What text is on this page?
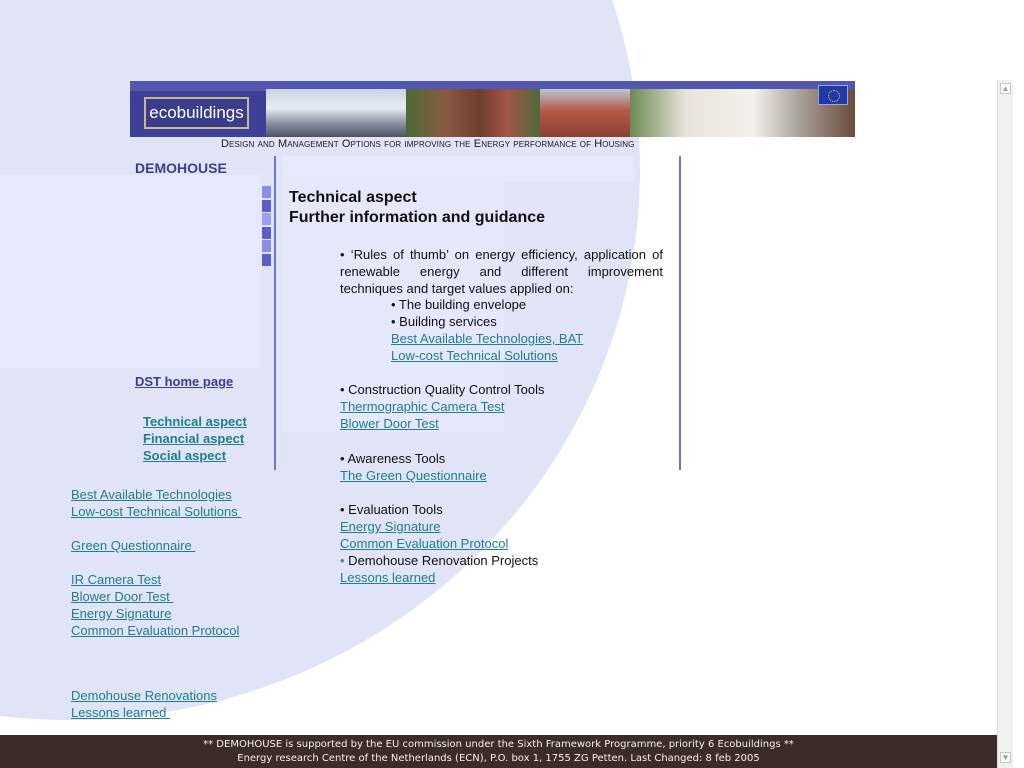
ecobuildings
Design and Management Options for improving the Energy performance of Housing
DEMOHOUSE
DST home page
Technical aspect
Financial aspect
Social aspect
Best Available Technologies
Low-cost Technical Solutions
Green Questionnaire
IR Camera Test
Blower Door Test
Energy Signature
Common Evaluation Protocol
Demohouse Renovations
Lessons learned
Technical aspect
Further information and guidance
• ‘Rules of thumb’ on energy efficiency, application of renewable energy and different improvement techniques and target values applied on:
• The building envelope
• Building services
Best Available Technologies, BAT
Low-cost Technical Solutions
• Construction Quality Control Tools
Thermographic Camera Test
Blower Door Test
• Awareness Tools
The Green Questionnaire
• Evaluation Tools
Energy Signature
Common Evaluation Protocol
• Demohouse Renovation Projects
Lessons learned
** DEMOHOUSE is supported by the EU commission under the Sixth Framework Programme, priority 6 Ecobuildings **
Energy research Centre of the Netherlands (ECN), P.O. box 1, 1755 ZG Petten. Last Changed: 8 feb 2005
▲
▼
